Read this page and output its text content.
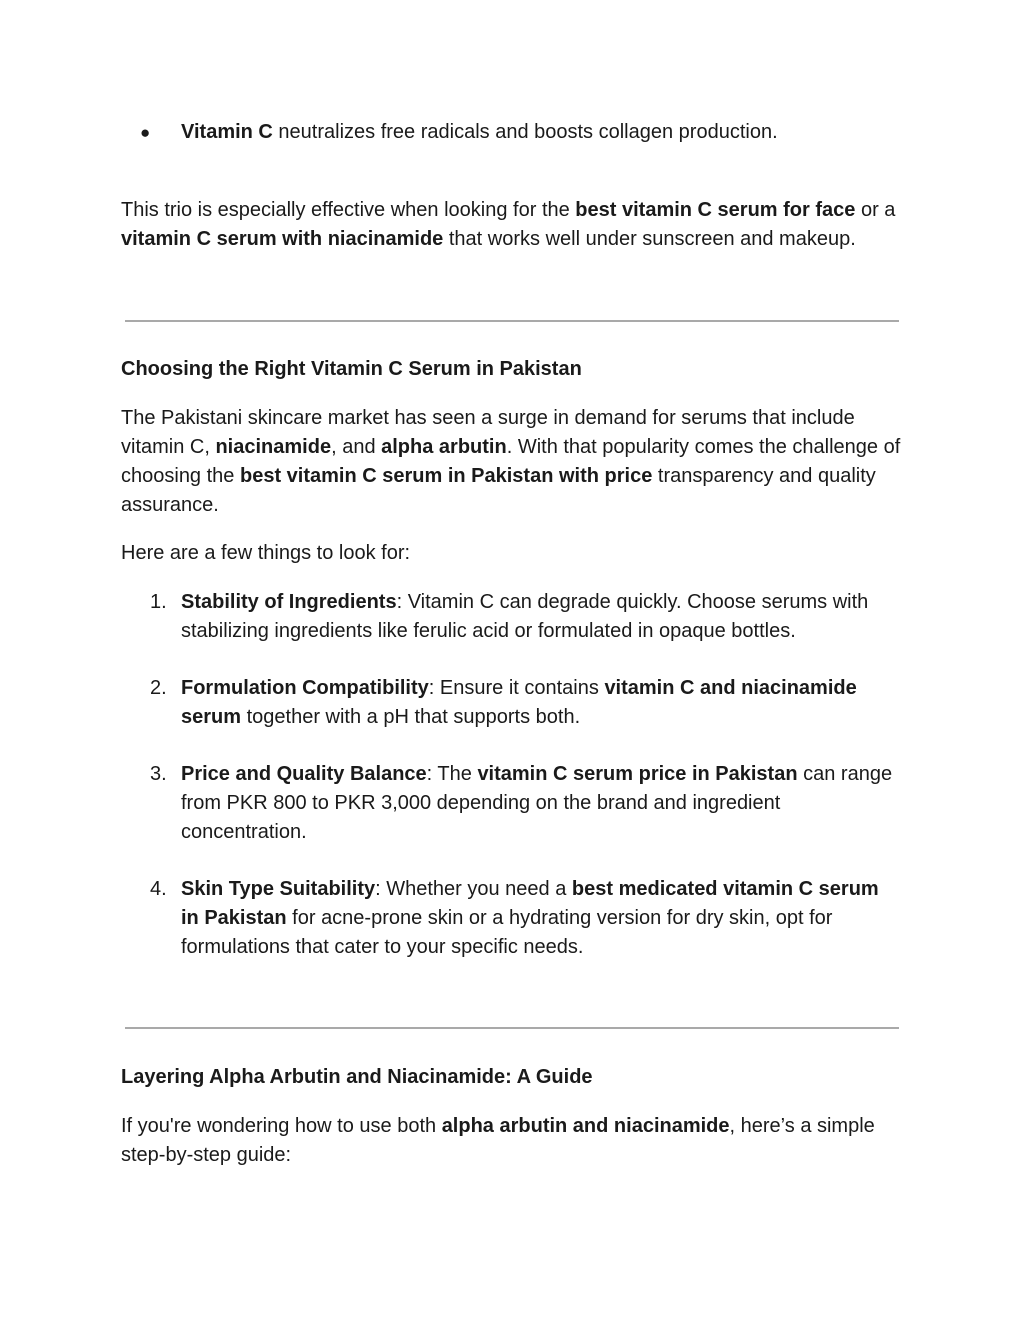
● Vitamin C neutralizes free radicals and boosts collagen production.

This trio is especially effective when looking for the best vitamin C serum for face or a vitamin C serum with niacinamide that works well under sunscreen and makeup.

Choosing the Right Vitamin C Serum in Pakistan

The Pakistani skincare market has seen a surge in demand for serums that include vitamin C, niacinamide, and alpha arbutin. With that popularity comes the challenge of choosing the best vitamin C serum in Pakistan with price transparency and quality assurance.

Here are a few things to look for:

1. Stability of Ingredients: Vitamin C can degrade quickly. Choose serums with stabilizing ingredients like ferulic acid or formulated in opaque bottles.
2. Formulation Compatibility: Ensure it contains vitamin C and niacinamide serum together with a pH that supports both.
3. Price and Quality Balance: The vitamin C serum price in Pakistan can range from PKR 800 to PKR 3,000 depending on the brand and ingredient concentration.
4. Skin Type Suitability: Whether you need a best medicated vitamin C serum in Pakistan for acne-prone skin or a hydrating version for dry skin, opt for formulations that cater to your specific needs.
Layering Alpha Arbutin and Niacinamide: A Guide

If you're wondering how to use both alpha arbutin and niacinamide, here’s a simple step-by-step guide:
